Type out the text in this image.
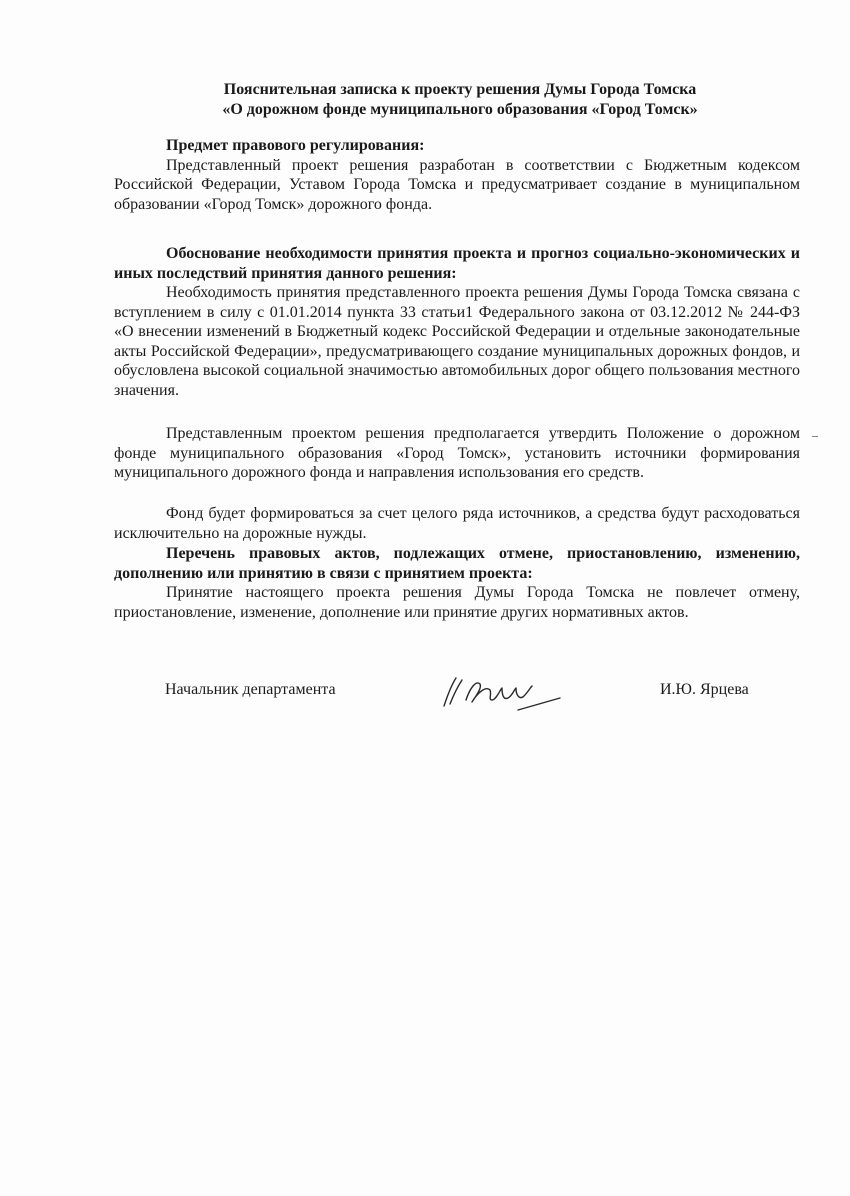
Пояснительная записка к проекту решения Думы Города Томска
«О дорожном фонде муниципального образования «Город Томск»

Предмет правового регулирования:

Представленный проект решения разработан в соответствии с Бюджетным кодексом Российской Федерации, Уставом Города Томска и предусматривает создание в муниципальном образовании «Город Томск» дорожного фонда.

Обоснование необходимости принятия проекта и прогноз социально-экономических и иных последствий принятия данного решения:

Необходимость принятия представленного проекта решения Думы Города Томска связана с вступлением в силу с 01.01.2014 пункта 33 статьи1 Федерального закона от 03.12.2012 № 244-ФЗ «О внесении изменений в Бюджетный кодекс Российской Федерации и отдельные законодательные акты Российской Федерации», предусматривающего создание муниципальных дорожных фондов, и обусловлена высокой социальной значимостью автомобильных дорог общего пользования местного значения.

Представленным проектом решения предполагается утвердить Положение о дорожном фонде муниципального образования «Город Томск», установить источники формирования муниципального дорожного фонда и направления использования его средств.

Фонд будет формироваться за счет целого ряда источников, а средства будут расходоваться исключительно на дорожные нужды.

Перечень правовых актов, подлежащих отмене, приостановлению, изменению, дополнению или принятию в связи с принятием проекта:

Принятие настоящего проекта решения Думы Города Томска не повлечет отмену, приостановление, изменение, дополнение или принятие других нормативных актов.

Начальник департамента	И.Ю. Ярцева
